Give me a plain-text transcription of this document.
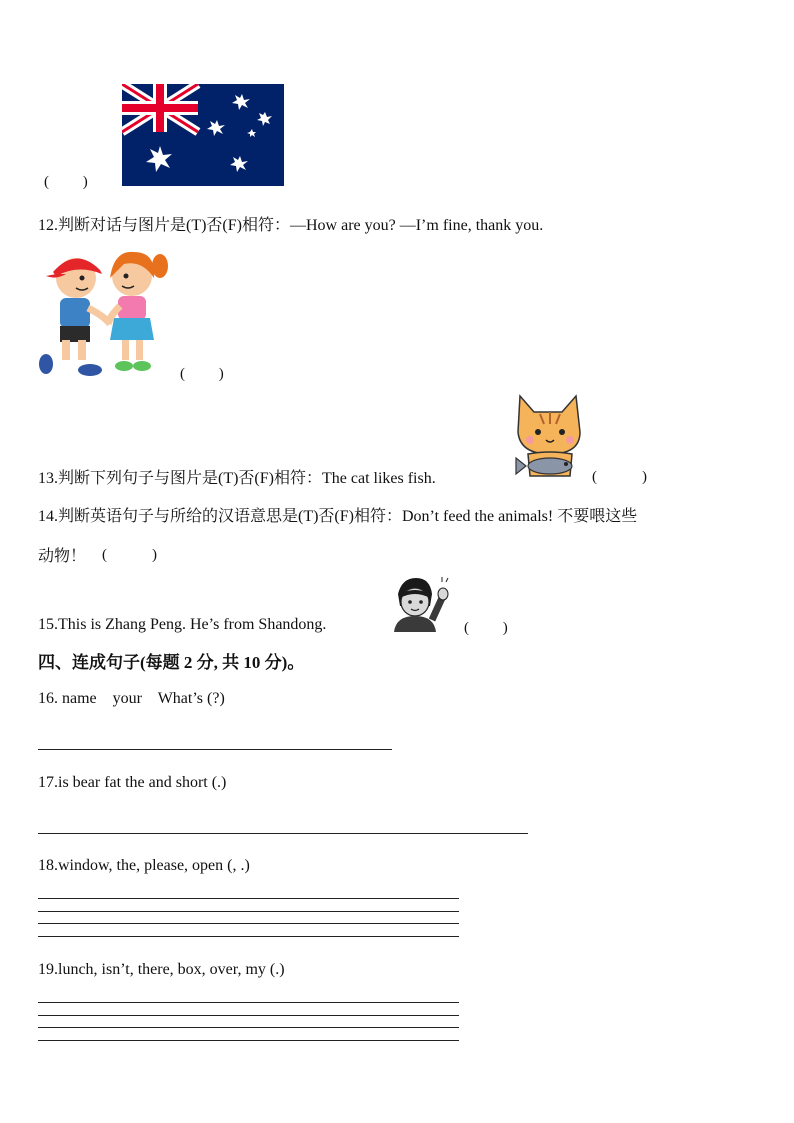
(　　 )
12.判断对话与图片是(T)否(F)相符：—How are you? —I’m fine, thank you.
(　　 )
13.判断下列句子与图片是(T)否(F)相符：The cat likes fish.	(　　　)
14.判断英语句子与所给的汉语意思是(T)否(F)相符：Don’t feed the animals! 不要喂这些
动物！ (　　　)
15.This is Zhang Peng. He’s from Shandong.	(　　 )
四、连成句子(每题 2 分, 共 10 分)。
16. name    your    What’s (?)
17.is bear fat the and short (.)
18.window, the, please, open (, .)
19.lunch, isn’t, there, box, over, my (.)
